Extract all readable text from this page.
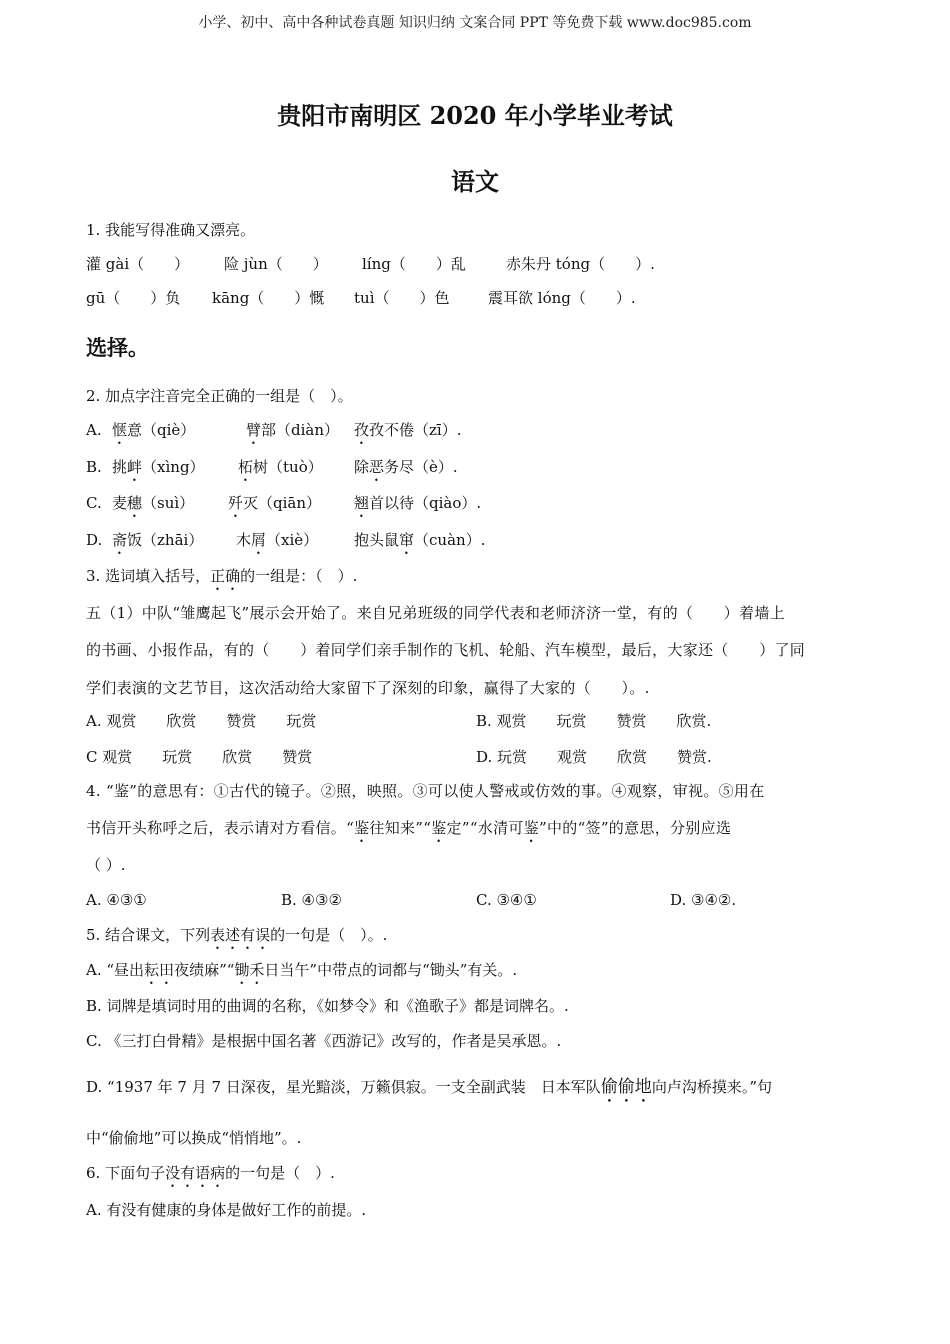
小学、初中、高中各种试卷真题 知识归纳 文案合同 PPT 等免费下载 www.doc985.com
贵阳市南明区 2020 年小学毕业考试
语文
1. 我能写得准确又漂亮。
灌 gài（　　） 险 jùn（　　） líng（　　）乱	赤朱丹 tóng（　　）.
gū（　　）负 kāng（　　）慨 tuì（　　）色	震耳欲 lóng（　　）.
选择。
2. 加点字注音完全正确的一组是（　）。
A. 惬意（qiè）	臂部（diàn） 孜孜不倦（zī）.
B. 挑衅（xìng） 柘树（tuò） 除恶务尽（è）.
C. 麦穗（suì） 歼灭（qiān） 翘首以待（qiào）.
D. 斋饭（zhāi） 木屑（xiè） 抱头鼠窜（cuàn）.
3. 选词填入括号，正确的一组是：（　）.
五（1）中队“雏鹰起飞”展示会开始了。来自兄弟班级的同学代表和老师济济一堂，有的（　　）着墙上
的书画、小报作品，有的（　　）着同学们亲手制作的飞机、轮船、汽车模型，最后，大家还（　　）了同
学们表演的文艺节目，这次活动给大家留下了深刻的印象，赢得了大家的（　　）。.
A. 观赏　　欣赏　　赞赏　　玩赏	B. 观赏　　玩赏　　赞赏　　欣赏.
C 观赏　　玩赏　　欣赏　　赞赏	D. 玩赏　　观赏　　欣赏　　赞赏.
4. “鉴”的意思有：①古代的镜子。②照，映照。③可以使人警戒或仿效的事。④观察，审视。⑤用在
书信开头称呼之后，表示请对方看信。“鉴往知来”“鉴定”“水清可鉴”中的“签”的意思，分别应选
（ ）.
A. ④③①	B. ④③②	C. ③④①	D. ③④②.
5. 结合课文，下列表述有误的一句是（　）。.
A. “昼出耘田夜绩麻”“锄禾日当午”中带点的词都与“锄头”有关。.
B. 词牌是填词时用的曲调的名称，《如梦令》和《渔歌子》都是词牌名。.
C. 《三打白骨精》是根据中国名著《西游记》改写的，作者是吴承恩。.
D. “1937 年 7 月 7 日深夜，星光黯淡，万籁俱寂。一支全副武装　日本军队偷偷地向卢沟桥摸来。”句
中“偷偷地”可以换成“悄悄地”。.
6. 下面句子没有语病的一句是（　）.
A. 有没有健康的身体是做好工作的前提。.
